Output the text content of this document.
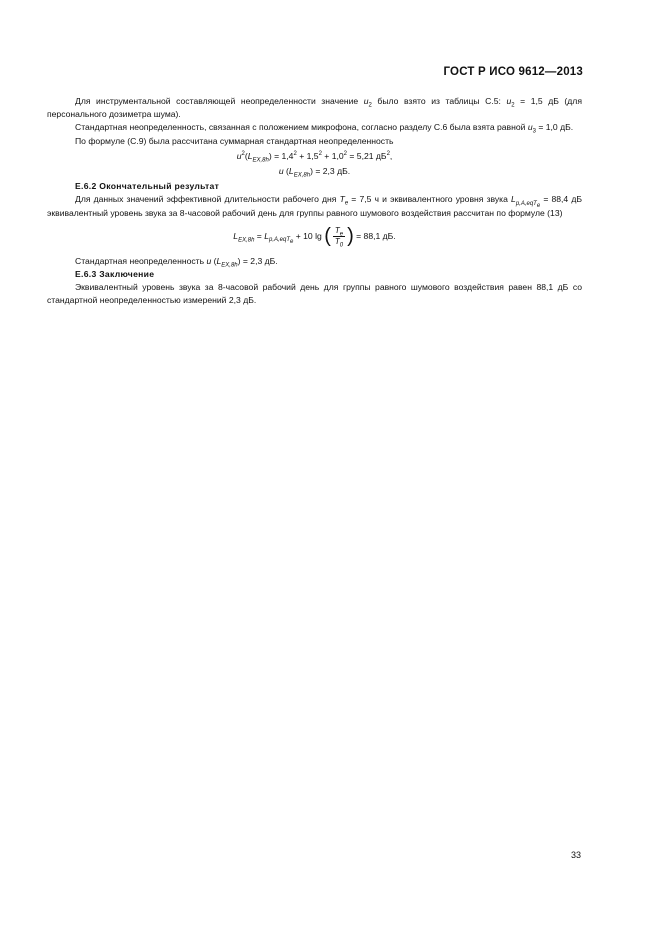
ГОСТ Р ИСО 9612—2013

Для инструментальной составляющей неопределенности значение $u_2$ было взято из таблицы С.5: $u_2 = 1,5$ дБ (для персонального дозиметра шума).

Стандартная неопределенность, связанная с положением микрофона, согласно разделу С.6 была взята равной $u_3 = 1,0$ дБ.

По формуле (С.9) была рассчитана суммарная стандартная неопределенность

$u^2(L_{EX,8h}) = 1,4^2 + 1,5^2 + 1,0^2 = 5,21$ $дБ^2$,

u $(L_{EX,8h}) = 2,3$ дБ.

Е.6.2 Окончательный результат

Для данных значений эффективной длительности рабочего дня $T_e = 7,5$ ч и эквивалентного уровня звука $L_{p,A,eqT_e} = 88,4$ дБ эквивалентный уровень звука за 8-часовой рабочий день для группы равного шумового воздействия рассчитан по формуле (13)

$L_{EX,8h} = L_{p,A,eqT_e} + 10$ lg ( $\frac{T_e}{T_0}$ ) = 88,1 дБ.

Стандартная неопределенность u $(L_{EX,8h}) = 2,3$ дБ.

Е.6.3 Заключение

Эквивалентный уровень звука за 8-часовой рабочий день для группы равного шумового воздействия равен 88,1 дБ со стандартной неопределенностью измерений 2,3 дБ.

33
